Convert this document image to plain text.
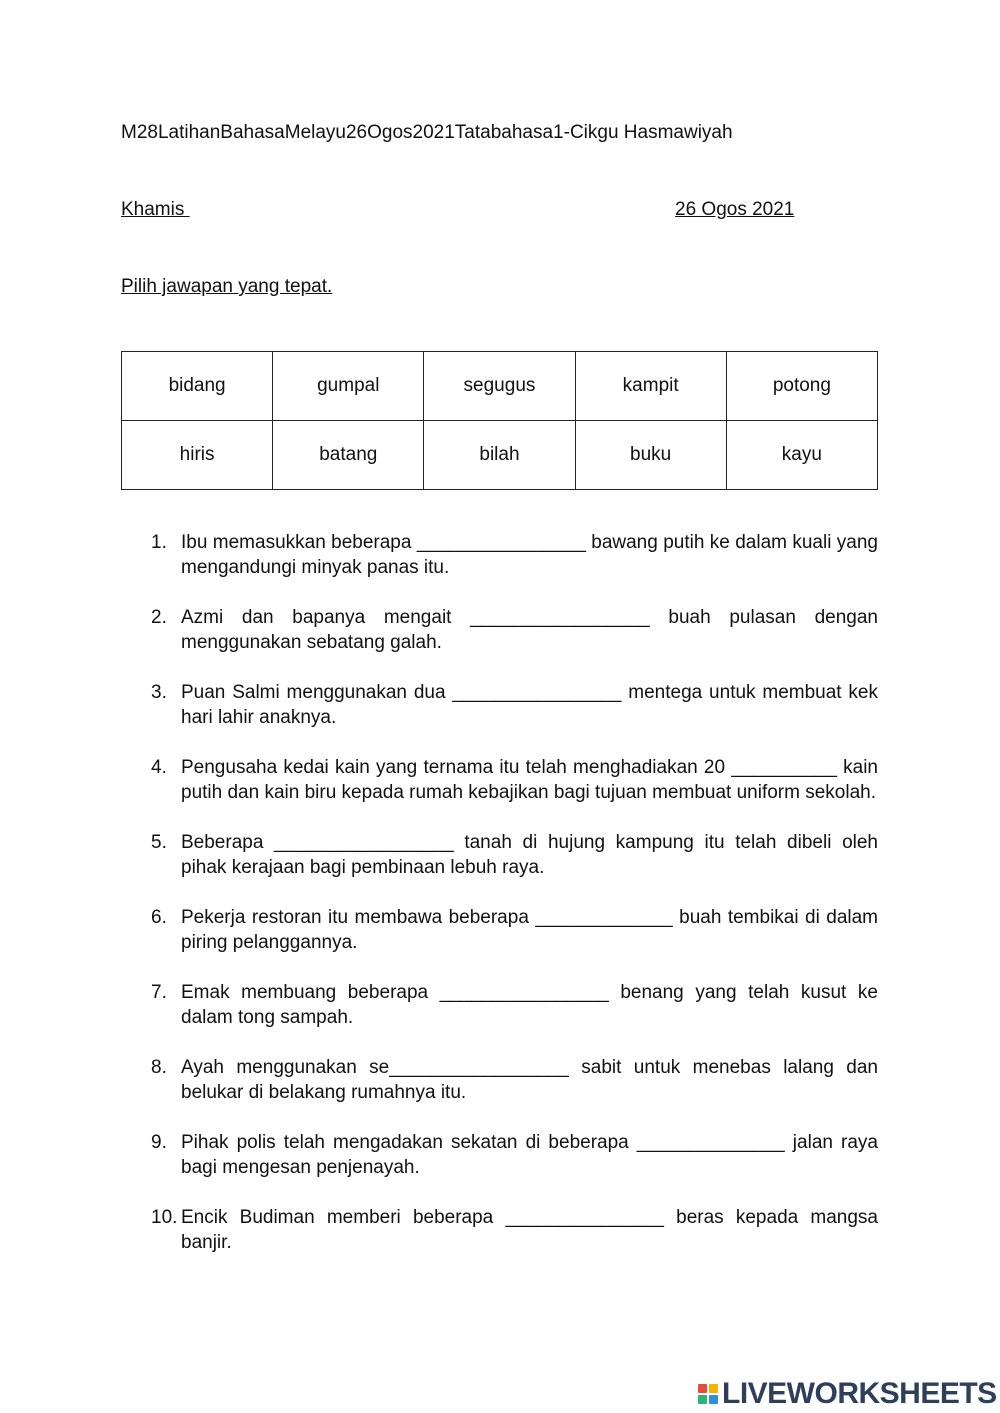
M28LatihanBahasaMelayu26Ogos2021Tatabahasa1-Cikgu Hasmawiyah
Khamis	26 Ogos 2021
Pilih jawapan yang tepat.
bidang	gumpal	segugus	kampit	potong
hiris	batang	bilah	buku	kayu
1. Ibu memasukkan beberapa ________________ bawang putih ke dalam kuali yang mengandungi minyak panas itu.
2. Azmi dan bapanya mengait _________________ buah pulasan dengan menggunakan sebatang galah.
3. Puan Salmi menggunakan dua ________________ mentega untuk membuat kek hari lahir anaknya.
4. Pengusaha kedai kain yang ternama itu telah menghadiakan 20 __________ kain putih dan kain biru kepada rumah kebajikan bagi tujuan membuat uniform sekolah.
5. Beberapa _________________ tanah di hujung kampung itu telah dibeli oleh pihak kerajaan bagi pembinaan lebuh raya.
6. Pekerja restoran itu membawa beberapa _____________ buah tembikai di dalam piring pelanggannya.
7. Emak membuang beberapa ________________ benang yang telah kusut ke dalam tong sampah.
8. Ayah menggunakan se_________________ sabit untuk menebas lalang dan belukar di belakang rumahnya itu.
9. Pihak polis telah mengadakan sekatan di beberapa ______________ jalan raya bagi mengesan penjenayah.
10. Encik Budiman memberi beberapa _______________ beras kepada mangsa banjir.
LIVEWORKSHEETS
